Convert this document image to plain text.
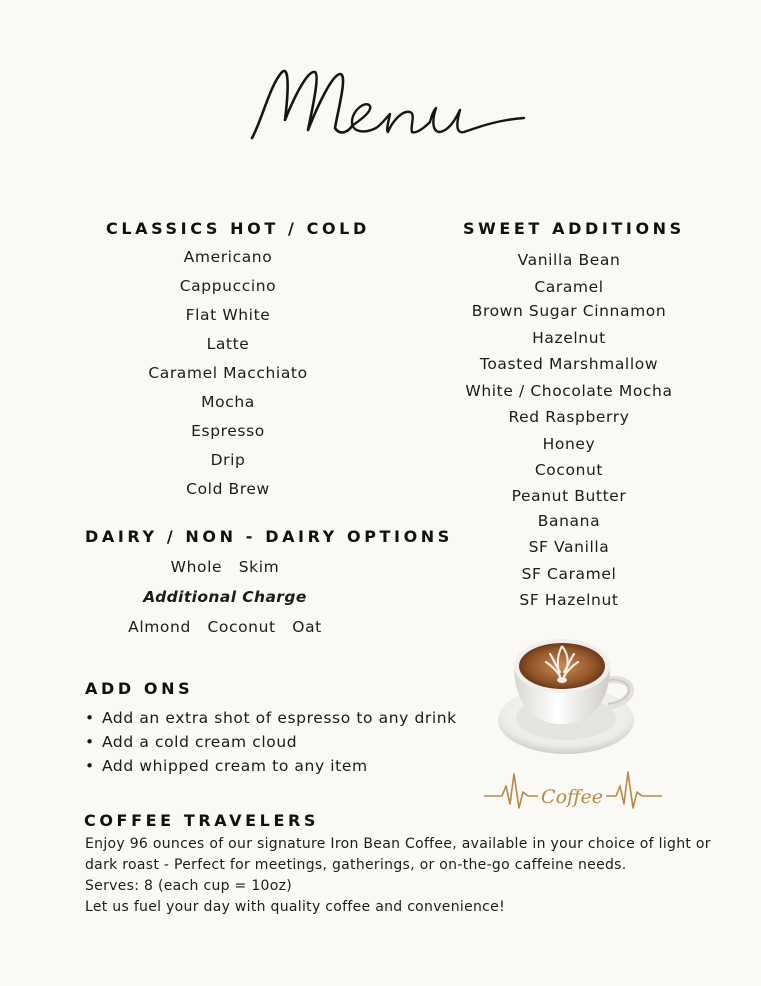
CLASSICS HOT / COLD
Americano
Cappuccino
Flat White
Latte
Caramel Macchiato
Mocha
Espresso
Drip
Cold Brew
DAIRY / NON - DAIRY OPTIONS
Whole   Skim
Additional Charge
Almond   Coconut   Oat
ADD ONS
• Add an extra shot of espresso to any drink
• Add a cold cream cloud
• Add whipped cream to any item
SWEET ADDITIONS
Vanilla Bean
Caramel
Brown Sugar Cinnamon
Hazelnut
Toasted Marshmallow
White / Chocolate Mocha
Red Raspberry
Honey
Coconut
Peanut Butter
Banana
SF Vanilla
SF Caramel
SF Hazelnut
Coffee
COFFEE TRAVELERS
Enjoy 96 ounces of our signature Iron Bean Coffee, available in your choice of light or
dark roast - Perfect for meetings, gatherings, or on-the-go caffeine needs.
Serves: 8 (each cup = 10oz)
Let us fuel your day with quality coffee and convenience!
